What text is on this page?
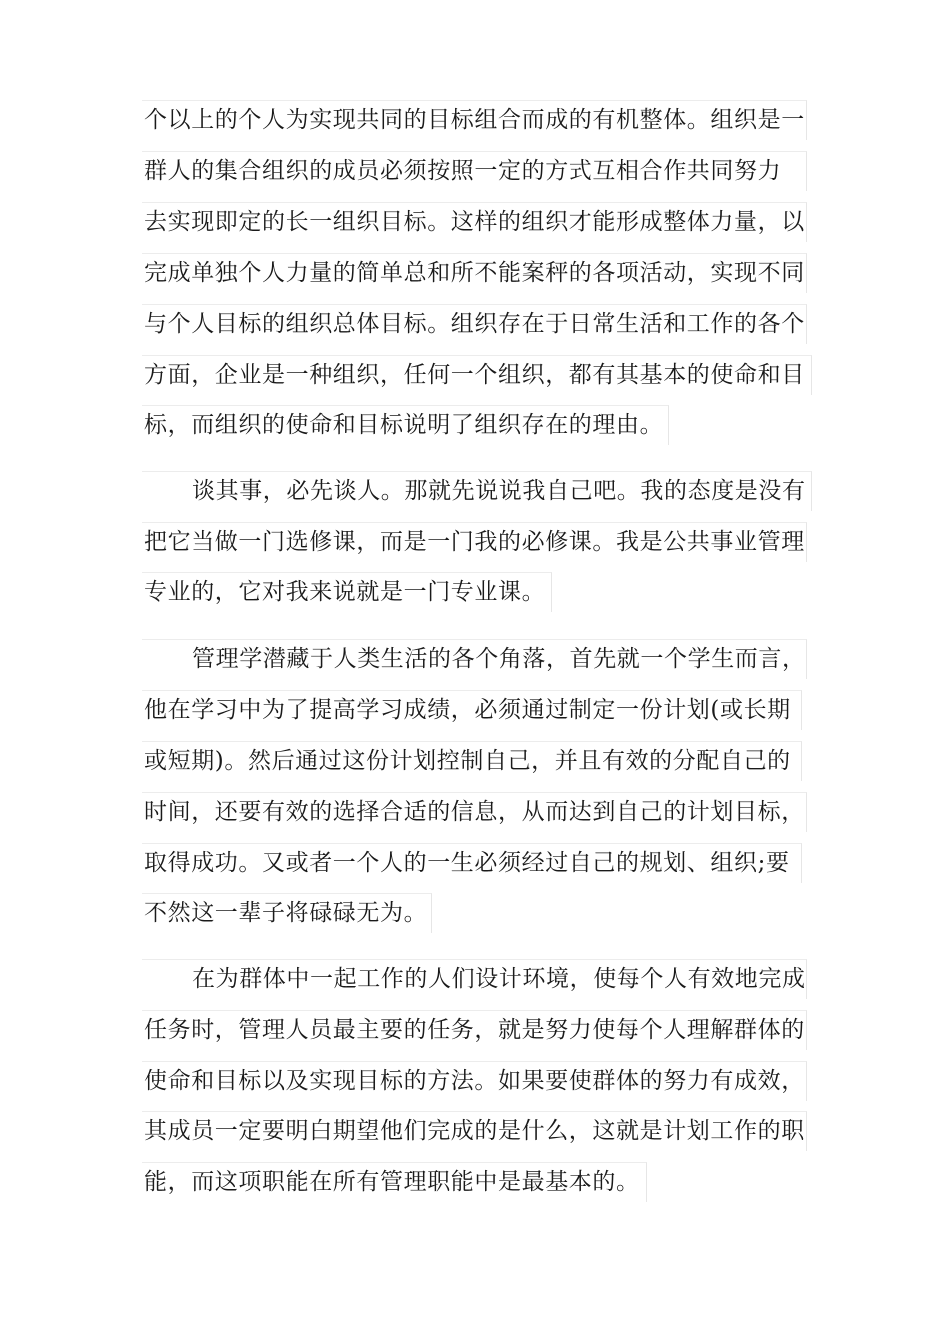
个以上的个人为实现共同的目标组合而成的有机整体。组织是一
群人的集合组织的成员必须按照一定的方式互相合作共同努力
去实现即定的长一组织目标。这样的组织才能形成整体力量，以
完成单独个人力量的简单总和所不能案秤的各项活动，实现不同
与个人目标的组织总体目标。组织存在于日常生活和工作的各个
方面，企业是一种组织，任何一个组织，都有其基本的使命和目
标，而组织的使命和目标说明了组织存在的理由。
谈其事，必先谈人。那就先说说我自己吧。我的态度是没有
把它当做一门选修课，而是一门我的必修课。我是公共事业管理
专业的，它对我来说就是一门专业课。
管理学潜藏于人类生活的各个角落，首先就一个学生而言，
他在学习中为了提高学习成绩，必须通过制定一份计划(或长期
或短期)。然后通过这份计划控制自己，并且有效的分配自己的
时间，还要有效的选择合适的信息，从而达到自己的计划目标，
取得成功。又或者一个人的一生必须经过自己的规划、组织;要
不然这一辈子将碌碌无为。
在为群体中一起工作的人们设计环境，使每个人有效地完成
任务时，管理人员最主要的任务，就是努力使每个人理解群体的
使命和目标以及实现目标的方法。如果要使群体的努力有成效，
其成员一定要明白期望他们完成的是什么，这就是计划工作的职
能，而这项职能在所有管理职能中是最基本的。
